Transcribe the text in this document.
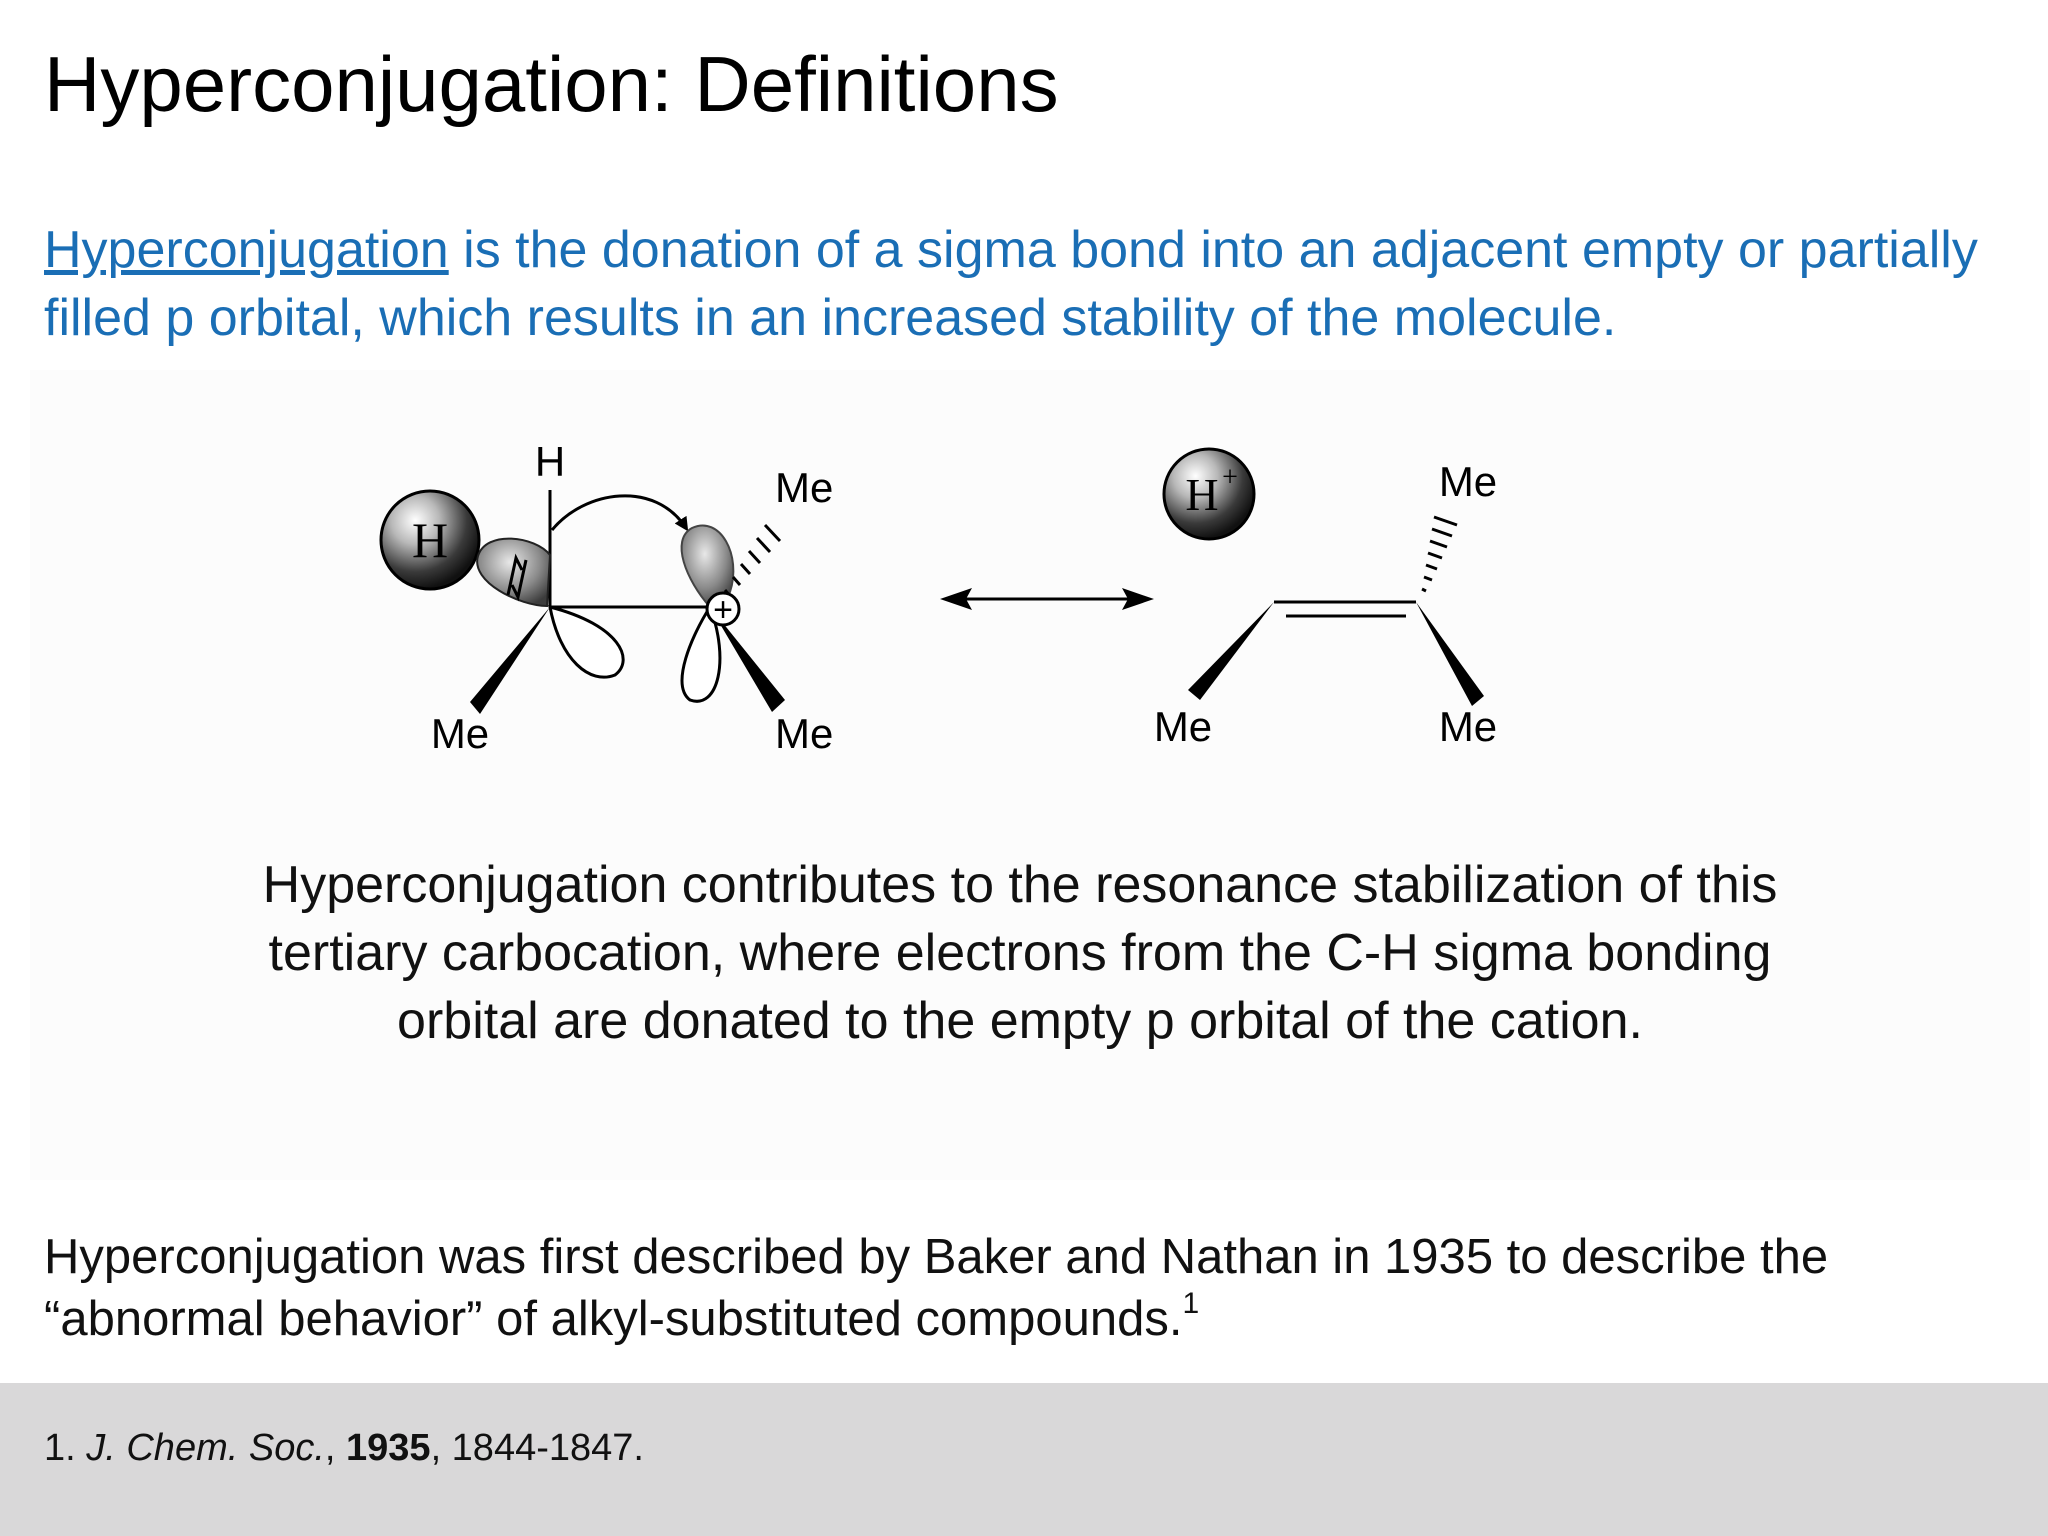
Hyperconjugation: Definitions
Hyperconjugation is the donation of a sigma bond into an adjacent empty or partially filled p orbital, which results in an increased stability of the molecule.
H
H
Me
Me
Me
+
H +
Me
Me
Me
Hyperconjugation contributes to the resonance stabilization of this tertiary carbocation, where electrons from the C-H sigma bonding orbital are donated to the empty p orbital of the cation.
Hyperconjugation was first described by Baker and Nathan in 1935 to describe the “abnormal behavior” of alkyl-substituted compounds.$^1$
1. J. Chem. Soc., 1935, 1844-1847.
